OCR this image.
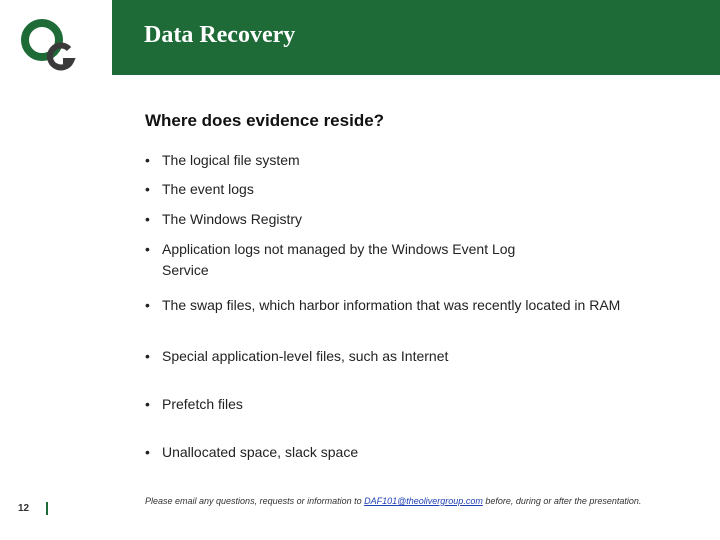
Data Recovery
Where does evidence reside?
• The logical file system
• The event logs
• The Windows Registry
• Application logs not managed by the Windows Event Log Service
• The swap files, which harbor information that was recently located in RAM
• Special application-level files, such as Internet
• Prefetch files
• Unallocated space, slack space
12
Please email any questions, requests or information to DAF101@theolivergroup.com before, during or after the presentation.
